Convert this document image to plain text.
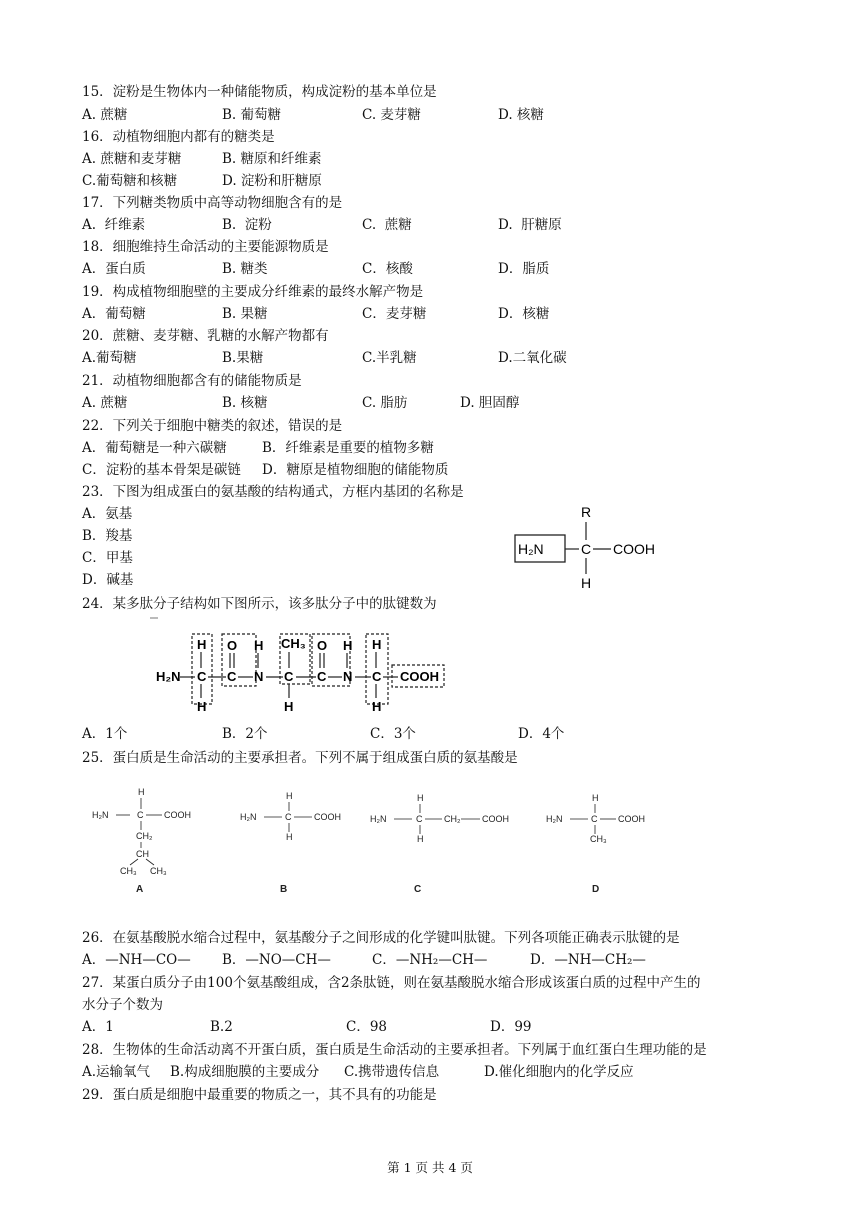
15．淀粉是生物体内一种储能物质，构成淀粉的基本单位是
A. 蔗糖	B. 葡萄糖	C. 麦芽糖	D. 核糖
16．动植物细胞内都有的糖类是
A. 蔗糖和麦芽糖	B. 糖原和纤维素
C.葡萄糖和核糖	D. 淀粉和肝糖原
17．下列糖类物质中高等动物细胞含有的是
A.  纤维素	B.  淀粉	C.  蔗糖	D.  肝糖原
18．细胞维持生命活动的主要能源物质是
A．蛋白质	B. 糖类	C．核酸	D．脂质
19．构成植物细胞壁的主要成分纤维素的最终水解产物是
A．葡萄糖	B. 果糖	C．麦芽糖	D．核糖
20．蔗糖、麦芽糖、乳糖的水解产物都有
A.葡萄糖	B.果糖	C.半乳糖	D.二氧化碳
21．动植物细胞都含有的储能物质是
A. 蔗糖	B. 核糖	C. 脂肪	D. 胆固醇
22．下列关于细胞中糖类的叙述，错误的是
A．葡萄糖是一种六碳糖	B．纤维素是重要的植物多糖
C．淀粉的基本骨架是碳链 D．糖原是植物细胞的储能物质
23．下图为组成蛋白的氨基酸的结构通式，方框内基团的名称是
A．氨基
B．羧基
C．甲基
D．碱基
R
H₂N	C COOH
H
24．某多肽分子结构如下图所示，该多肽分子中的肽键数为
H₂N C
H
H
C
O
N
H
C
CH₃
H
C
O
N
H
C
H
H
COOH
A．1个	B．2个	C．3个	D．4个
25．蛋白质是生命活动的主要承担者。下列不属于组成蛋白质的氨基酸是
H₂N
H
C COOH
CH₂
CH
CH₃ CH₃
H₂N
H
C	COOH
H
H₂N
H
C CH₂ COOH
H
H₂N
H
C COOH
CH₃
A	B	C	D
26．在氨基酸脱水缩合过程中，氨基酸分子之间形成的化学键叫肽键。下列各项能正确表示肽键的是
A．—NH—CO— B．—NO—CH—	C．—NH₂—CH—	D．—NH—CH₂—
27．某蛋白质分子由100个氨基酸组成，含2条肽链，则在氨基酸脱水缩合形成该蛋白质的过程中产生的
水分子个数为
A．1	B.2	C．98	D．99
28．生物体的生命活动离不开蛋白质，蛋白质是生命活动的主要承担者。下列属于血红蛋白生理功能的是
A.运输氧气 B.构成细胞膜的主要成分 C.携带遗传信息	D.催化细胞内的化学反应
29．蛋白质是细胞中最重要的物质之一，其不具有的功能是
第 1 页 共 4 页
